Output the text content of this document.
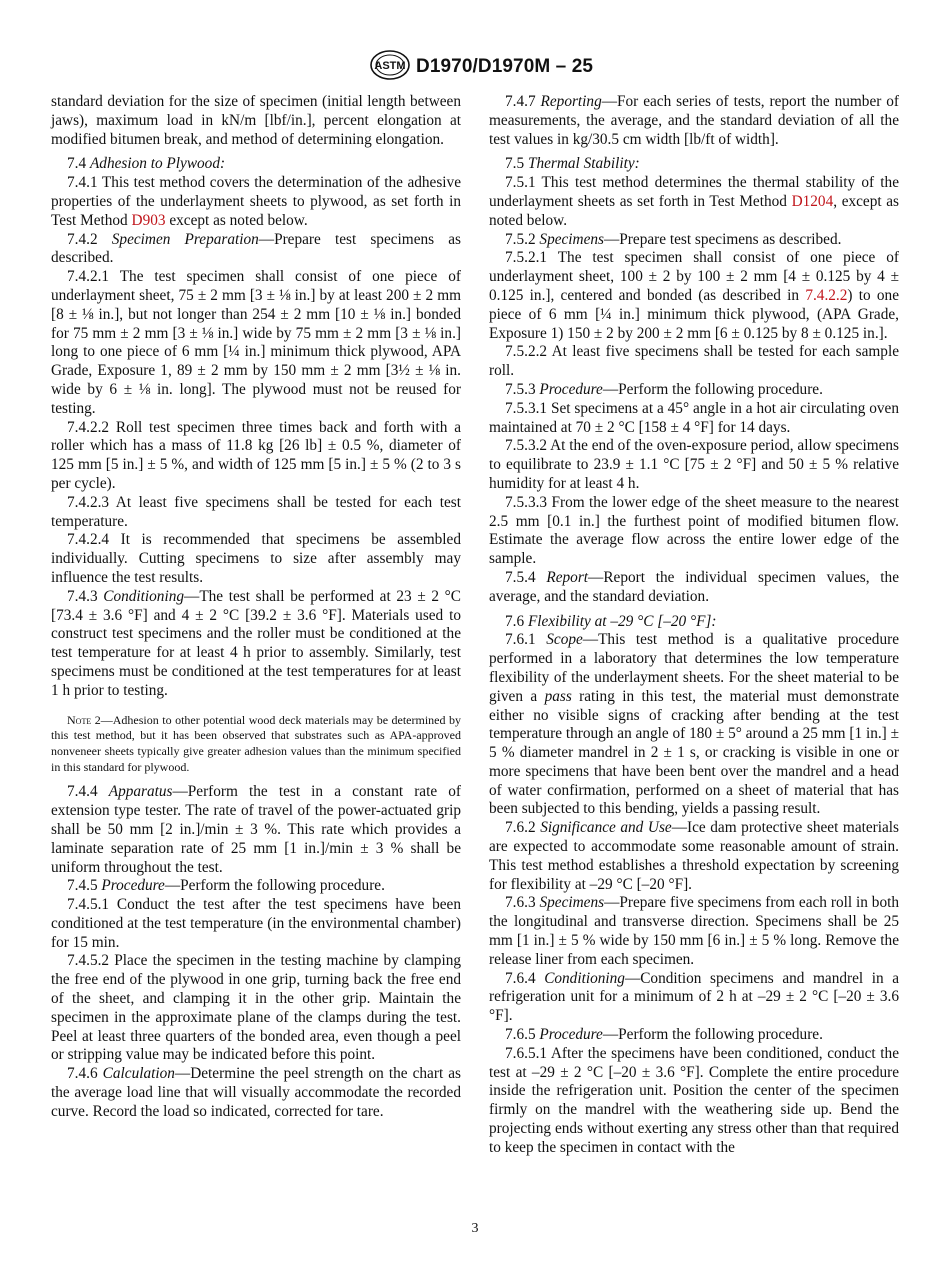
ASTM D1970/D1970M – 25

standard deviation for the size of specimen (initial length between jaws), maximum load in kN/m [lbf/in.], percent elongation at modified bitumen break, and method of determining elongation.

7.4 Adhesion to Plywood:

7.4.1 This test method covers the determination of the adhesive properties of the underlayment sheets to plywood, as set forth in Test Method D903 except as noted below.

7.4.2 Specimen Preparation—Prepare test specimens as described.

7.4.2.1 The test specimen shall consist of one piece of underlayment sheet, 75 ± 2 mm [3 ± ⅛ in.] by at least 200 ± 2 mm [8 ± ⅛ in.], but not longer than 254 ± 2 mm [10 ± ⅛ in.] bonded for 75 mm ± 2 mm [3 ± ⅛ in.] wide by 75 mm ± 2 mm [3 ± ⅛ in.] long to one piece of 6 mm [¼ in.] minimum thick plywood, APA Grade, Exposure 1, 89 ± 2 mm by 150 mm ± 2 mm [3½ ± ⅛ in. wide by 6 ± ⅛ in. long]. The plywood must not be reused for testing.

7.4.2.2 Roll test specimen three times back and forth with a roller which has a mass of 11.8 kg [26 lb] ± 0.5 %, diameter of 125 mm [5 in.] ± 5 %, and width of 125 mm [5 in.] ± 5 % (2 to 3 s per cycle).

7.4.2.3 At least five specimens shall be tested for each test temperature.

7.4.2.4 It is recommended that specimens be assembled individually. Cutting specimens to size after assembly may influence the test results.

7.4.3 Conditioning—The test shall be performed at 23 ± 2 °C [73.4 ± 3.6 °F] and 4 ± 2 °C [39.2 ± 3.6 °F]. Materials used to construct test specimens and the roller must be conditioned at the test temperature for at least 4 h prior to assembly. Similarly, test specimens must be conditioned at the test temperatures for at least 1 h prior to testing.

Note 2—Adhesion to other potential wood deck materials may be determined by this test method, but it has been observed that substrates such as APA-approved nonveneer sheets typically give greater adhesion values than the minimum specified in this standard for plywood.

7.4.4 Apparatus—Perform the test in a constant rate of extension type tester. The rate of travel of the power-actuated grip shall be 50 mm [2 in.]/min ± 3 %. This rate which provides a laminate separation rate of 25 mm [1 in.]/min ± 3 % shall be uniform throughout the test.

7.4.5 Procedure—Perform the following procedure.

7.4.5.1 Conduct the test after the test specimens have been conditioned at the test temperature (in the environmental chamber) for 15 min.

7.4.5.2 Place the specimen in the testing machine by clamping the free end of the plywood in one grip, turning back the free end of the sheet, and clamping it in the other grip. Maintain the specimen in the approximate plane of the clamps during the test. Peel at least three quarters of the bonded area, even though a peel or stripping value may be indicated before this point.

7.4.6 Calculation—Determine the peel strength on the chart as the average load line that will visually accommodate the recorded curve. Record the load so indicated, corrected for tare.

7.4.7 Reporting—For each series of tests, report the number of measurements, the average, and the standard deviation of all the test values in kg/30.5 cm width [lb/ft of width].

7.5 Thermal Stability:

7.5.1 This test method determines the thermal stability of the underlayment sheets as set forth in Test Method D1204, except as noted below.

7.5.2 Specimens—Prepare test specimens as described.

7.5.2.1 The test specimen shall consist of one piece of underlayment sheet, 100 ± 2 by 100 ± 2 mm [4 ± 0.125 by 4 ± 0.125 in.], centered and bonded (as described in 7.4.2.2) to one piece of 6 mm [¼ in.] minimum thick plywood, (APA Grade, Exposure 1) 150 ± 2 by 200 ± 2 mm [6 ± 0.125 by 8 ± 0.125 in.].

7.5.2.2 At least five specimens shall be tested for each sample roll.

7.5.3 Procedure—Perform the following procedure.

7.5.3.1 Set specimens at a 45° angle in a hot air circulating oven maintained at 70 ± 2 °C [158 ± 4 °F] for 14 days.

7.5.3.2 At the end of the oven-exposure period, allow specimens to equilibrate to 23.9 ± 1.1 °C [75 ± 2 °F] and 50 ± 5 % relative humidity for at least 4 h.

7.5.3.3 From the lower edge of the sheet measure to the nearest 2.5 mm [0.1 in.] the furthest point of modified bitumen flow. Estimate the average flow across the entire lower edge of the sample.

7.5.4 Report—Report the individual specimen values, the average, and the standard deviation.

7.6 Flexibility at –29 °C [–20 °F]:

7.6.1 Scope—This test method is a qualitative procedure performed in a laboratory that determines the low temperature flexibility of the underlayment sheets. For the sheet material to be given a pass rating in this test, the material must demonstrate either no visible signs of cracking after bending at the test temperature through an angle of 180 ± 5° around a 25 mm [1 in.] ± 5 % diameter mandrel in 2 ± 1 s, or cracking is visible in one or more specimens that have been bent over the mandrel and a head of water confirmation, performed on a sheet of material that has been subjected to this bending, yields a passing result.

7.6.2 Significance and Use—Ice dam protective sheet materials are expected to accommodate some reasonable amount of strain. This test method establishes a threshold expectation by screening for flexibility at –29 °C [–20 °F].

7.6.3 Specimens—Prepare five specimens from each roll in both the longitudinal and transverse direction. Specimens shall be 25 mm [1 in.] ± 5 % wide by 150 mm [6 in.] ± 5 % long. Remove the release liner from each specimen.

7.6.4 Conditioning—Condition specimens and mandrel in a refrigeration unit for a minimum of 2 h at –29 ± 2 °C [–20 ± 3.6 °F].

7.6.5 Procedure—Perform the following procedure.

7.6.5.1 After the specimens have been conditioned, conduct the test at –29 ± 2 °C [–20 ± 3.6 °F]. Complete the entire procedure inside the refrigeration unit. Position the center of the specimen firmly on the mandrel with the weathering side up. Bend the projecting ends without exerting any stress other than that required to keep the specimen in contact with the

3
